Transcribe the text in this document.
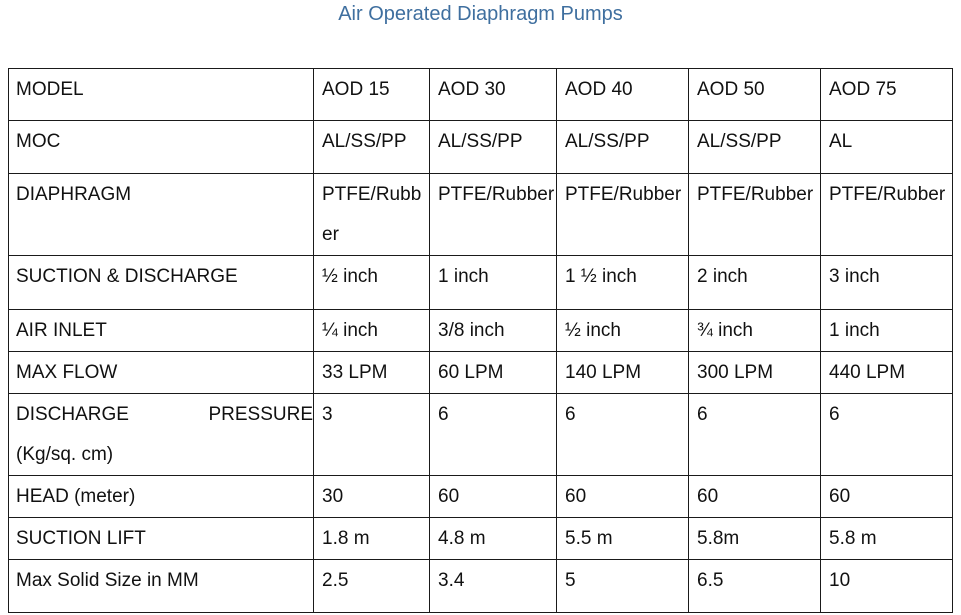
Air Operated Diaphragm Pumps
MODEL	AOD 15	AOD 30	AOD 40	AOD 50	AOD 75
MOC	AL/SS/PP	AL/SS/PP	AL/SS/PP	AL/SS/PP	AL
DIAPHRAGM	PTFE/Rubber	PTFE/Rubber	PTFE/Rubber	PTFE/Rubber	PTFE/Rubber
SUCTION & DISCHARGE	½ inch	1 inch	1 ½ inch	2 inch	3 inch
AIR INLET	¼ inch	3/8 inch	½ inch	¾ inch	1 inch
MAX FLOW	33 LPM	60 LPM	140 LPM	300 LPM	440 LPM

DISCHARGE PRESSURE
(Kg/sq. cm)	3	6	6	6	6
HEAD (meter)	30	60	60	60	60
SUCTION LIFT	1.8 m	4.8 m	5.5 m	5.8m	5.8 m
Max Solid Size in MM	2.5	3.4	5	6.5	10
